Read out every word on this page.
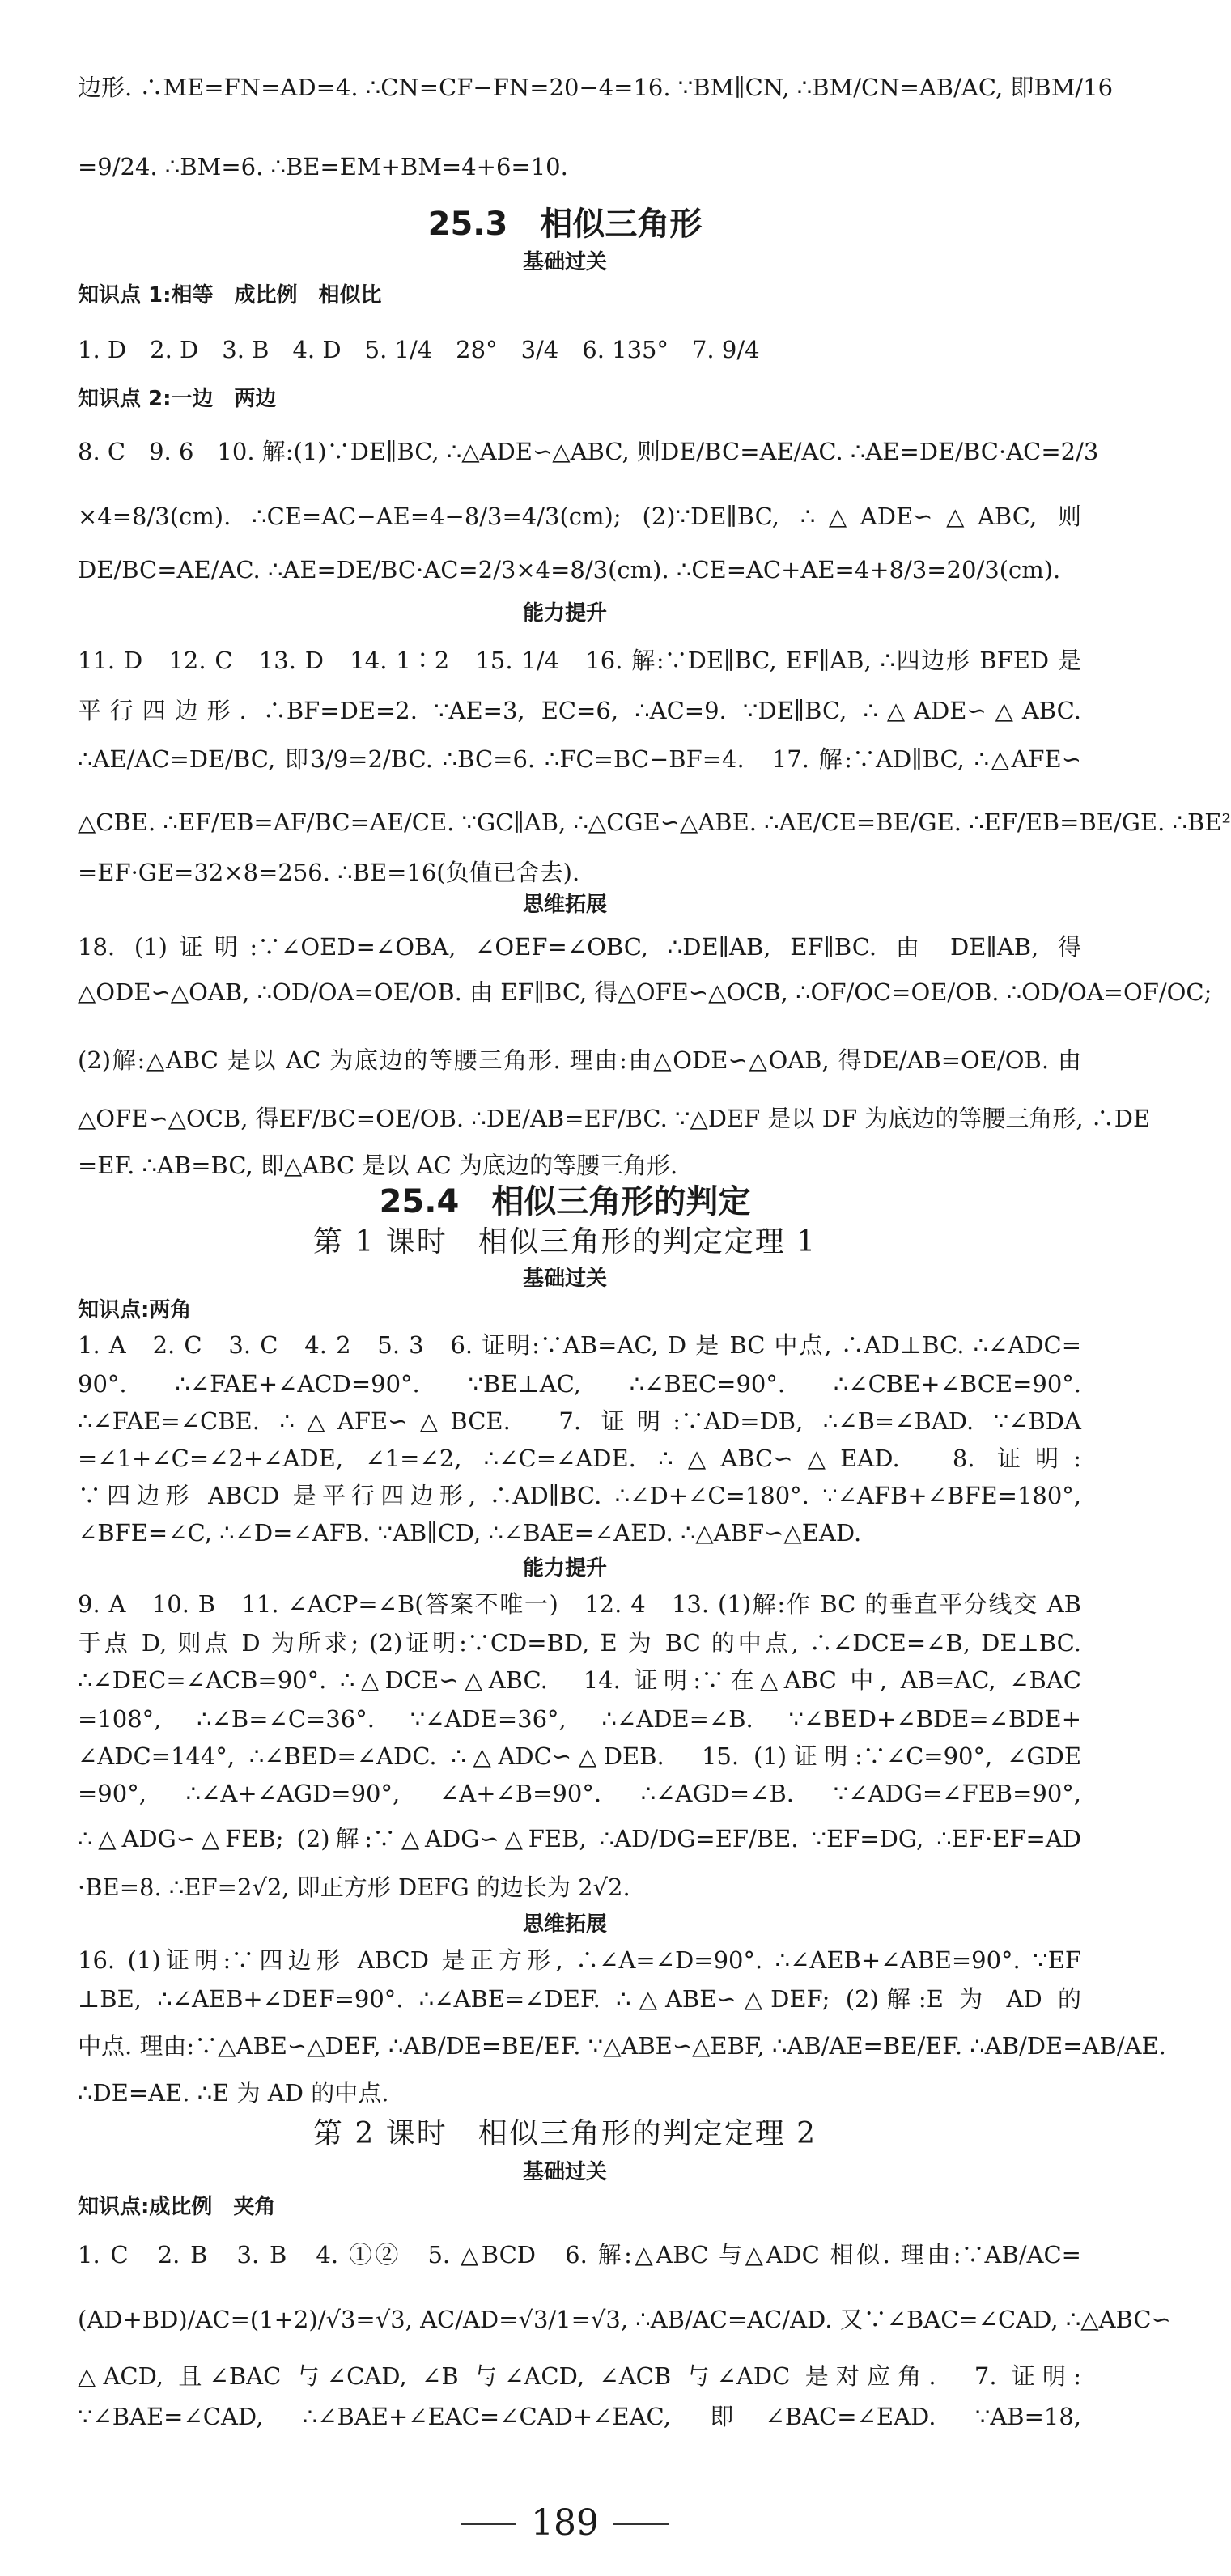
边形. ∴ME=FN=AD=4. ∴CN=CF−FN=20−4=16. ∵BM∥CN, ∴BM/CN=AB/AC, 即BM/16
=9/24. ∴BM=6. ∴BE=EM+BM=4+6=10.
25.3　相似三角形
基础过关
知识点 1:相等　成比例　相似比
1. D　2. D　3. B　4. D　5. 1/4　28°　3/4　6. 135°　7. 9/4
知识点 2:一边　两边
8. C　9. 6　10. 解:(1)∵DE∥BC, ∴△ADE∽△ABC, 则DE/BC=AE/AC. ∴AE=DE/BC·AC=2/3
×4=8/3(cm). ∴CE=AC−AE=4−8/3=4/3(cm); (2)∵DE∥BC, ∴△ADE∽△ABC, 则
DE/BC=AE/AC. ∴AE=DE/BC·AC=2/3×4=8/3(cm). ∴CE=AC+AE=4+8/3=20/3(cm).
能力提升
11. D　12. C　13. D　14. 1∶2　15. 1/4　16. 解:∵DE∥BC, EF∥AB, ∴四边形 BFED 是
平行四边形. ∴BF=DE=2. ∵AE=3, EC=6, ∴AC=9. ∵DE∥BC, ∴△ADE∽△ABC.
∴AE/AC=DE/BC, 即3/9=2/BC. ∴BC=6. ∴FC=BC−BF=4.　17. 解:∵AD∥BC, ∴△AFE∽
△CBE. ∴EF/EB=AF/BC=AE/CE. ∵GC∥AB, ∴△CGE∽△ABE. ∴AE/CE=BE/GE. ∴EF/EB=BE/GE. ∴BE²
=EF·GE=32×8=256. ∴BE=16(负值已舍去).
思维拓展
18. (1)证明:∵∠OED=∠OBA, ∠OEF=∠OBC, ∴DE∥AB, EF∥BC. 由 DE∥AB, 得
△ODE∽△OAB, ∴OD/OA=OE/OB. 由 EF∥BC, 得△OFE∽△OCB, ∴OF/OC=OE/OB. ∴OD/OA=OF/OC;
(2)解:△ABC 是以 AC 为底边的等腰三角形. 理由:由△ODE∽△OAB, 得DE/AB=OE/OB. 由
△OFE∽△OCB, 得EF/BC=OE/OB. ∴DE/AB=EF/BC. ∵△DEF 是以 DF 为底边的等腰三角形, ∴DE
=EF. ∴AB=BC, 即△ABC 是以 AC 为底边的等腰三角形.
25.4　相似三角形的判定
第 1 课时　相似三角形的判定定理 1
基础过关
知识点:两角
1. A　2. C　3. C　4. 2　5. 3　6. 证明:∵AB=AC, D 是 BC 中点, ∴AD⊥BC. ∴∠ADC=
90°. ∴∠FAE+∠ACD=90°. ∵BE⊥AC, ∴∠BEC=90°. ∴∠CBE+∠BCE=90°.
∴∠FAE=∠CBE. ∴△AFE∽△BCE.　7. 证明:∵AD=DB, ∴∠B=∠BAD. ∵∠BDA
=∠1+∠C=∠2+∠ADE, ∠1=∠2, ∴∠C=∠ADE. ∴△ABC∽△EAD.　8. 证明:
∵四边形 ABCD 是平行四边形, ∴AD∥BC. ∴∠D+∠C=180°. ∵∠AFB+∠BFE=180°,
∠BFE=∠C, ∴∠D=∠AFB. ∵AB∥CD, ∴∠BAE=∠AED. ∴△ABF∽△EAD.
能力提升
9. A　10. B　11. ∠ACP=∠B(答案不唯一)　12. 4　13. (1)解:作 BC 的垂直平分线交 AB
于点 D, 则点 D 为所求; (2)证明:∵CD=BD, E 为 BC 的中点, ∴∠DCE=∠B, DE⊥BC.
∴∠DEC=∠ACB=90°. ∴△DCE∽△ABC.　14. 证明:∵在△ABC 中, AB=AC, ∠BAC
=108°, ∴∠B=∠C=36°. ∵∠ADE=36°, ∴∠ADE=∠B. ∵∠BED+∠BDE=∠BDE+
∠ADC=144°, ∴∠BED=∠ADC. ∴△ADC∽△DEB.　15. (1)证明:∵∠C=90°, ∠GDE
=90°, ∴∠A+∠AGD=90°, ∠A+∠B=90°. ∴∠AGD=∠B. ∵∠ADG=∠FEB=90°,
∴△ADG∽△FEB; (2)解:∵△ADG∽△FEB, ∴AD/DG=EF/BE. ∵EF=DG, ∴EF·EF=AD
·BE=8. ∴EF=2√2, 即正方形 DEFG 的边长为 2√2.
思维拓展
16. (1)证明:∵四边形 ABCD 是正方形, ∴∠A=∠D=90°. ∴∠AEB+∠ABE=90°. ∵EF
⊥BE, ∴∠AEB+∠DEF=90°. ∴∠ABE=∠DEF. ∴△ABE∽△DEF; (2)解:E 为 AD 的
中点. 理由:∵△ABE∽△DEF, ∴AB/DE=BE/EF. ∵△ABE∽△EBF, ∴AB/AE=BE/EF. ∴AB/DE=AB/AE.
∴DE=AE. ∴E 为 AD 的中点.
第 2 课时　相似三角形的判定定理 2
基础过关
知识点:成比例　夹角
1. C　2. B　3. B　4. ①②　5. △BCD　6. 解:△ABC 与△ADC 相似. 理由:∵AB/AC=
(AD+BD)/AC=(1+2)/√3=√3, AC/AD=√3/1=√3, ∴AB/AC=AC/AD. 又∵∠BAC=∠CAD, ∴△ABC∽
△ACD, 且∠BAC 与∠CAD, ∠B 与∠ACD, ∠ACB 与∠ADC 是对应角.　7. 证明:
∵∠BAE=∠CAD, ∴∠BAE+∠EAC=∠CAD+∠EAC, 即∠BAC=∠EAD. ∵AB=18,
189
